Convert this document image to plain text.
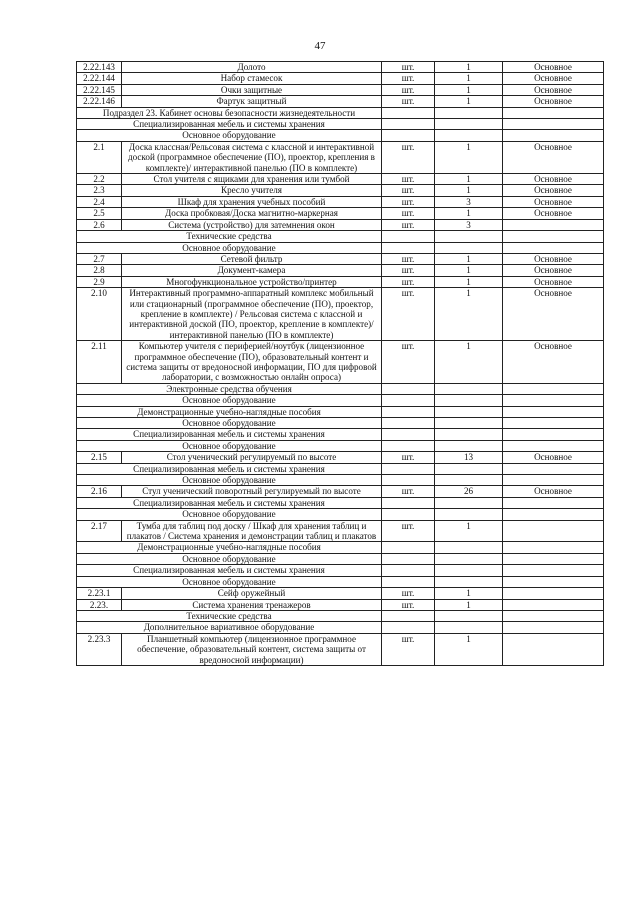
47
2.22.143	Долото	шт.	1	Основное
2.22.144	Набор стамесок	шт.	1	Основное
2.22.145	Очки защитные	шт.	1	Основное
2.22.146	Фартук защитный	шт.	1	Основное
Подраздел 23. Кабинет основы безопасности жизнедеятельности				
Специализированная мебель и системы хранения				
Основное оборудование				
2.1	Доска классная/Рельсовая система с классной и интерактивной доской (программное обеспечение (ПО), проектор, крепления в комплекте)/ интерактивной панелью (ПО в комплекте)	шт.	1	Основное
2.2	Стол учителя с ящиками для хранения или тумбой	шт.	1	Основное
2.3	Кресло учителя	шт.	1	Основное
2.4	Шкаф для хранения учебных пособий	шт.	3	Основное
2.5	Доска пробковая/Доска магнитно-маркерная	шт.	1	Основное
2.6	Система (устройство) для затемнения окон	шт.	3	
Технические средства				
Основное оборудование				
2.7	Сетевой фильтр	шт.	1	Основное
2.8	Документ-камера	шт.	1	Основное
2.9	Многофункциональное устройство/принтер	шт.	1	Основное
2.10	Интерактивный программно-аппаратный комплекс мобильный или стационарный (программное обеспечение (ПО), проектор, крепление в комплекте) / Рельсовая система с классной и интерактивной доской (ПО, проектор, крепление в комплекте)/ интерактивной панелью (ПО в комплекте)	шт.	1	Основное
2.11	Компьютер учителя с периферией/ноутбук (лицензионное программное обеспечение (ПО), образовательный контент и система защиты от вредоносной информации, ПО для цифровой лаборатории, с возможностью онлайн опроса)	шт.	1	Основное
Электронные средства обучения				
Основное оборудование				
Демонстрационные учебно-наглядные пособия				
Основное оборудование				
Специализированная мебель и системы хранения				
Основное оборудование				
2.15	Стол ученический регулируемый по высоте	шт.	13	Основное
Специализированная мебель и системы хранения				
Основное оборудование				
2.16	Стул ученический поворотный регулируемый по высоте	шт.	26	Основное
Специализированная мебель и системы хранения				
Основное оборудование				
2.17	Тумба для таблиц под доску / Шкаф для хранения таблиц и плакатов / Система хранения и демонстрации таблиц и плакатов	шт.	1	
Демонстрационные учебно-наглядные пособия				
Основное оборудование				
Специализированная мебель и системы хранения				
Основное оборудование				
2.23.1	Сейф оружейный	шт.	1	
2.23.	Система хранения тренажеров	шт.	1	
Технические средства				
Дополнительное вариативное оборудование				
2.23.3	Планшетный компьютер (лицензионное программное обеспечение, образовательный контент, система защиты от вредоносной информации)	шт.	1	
